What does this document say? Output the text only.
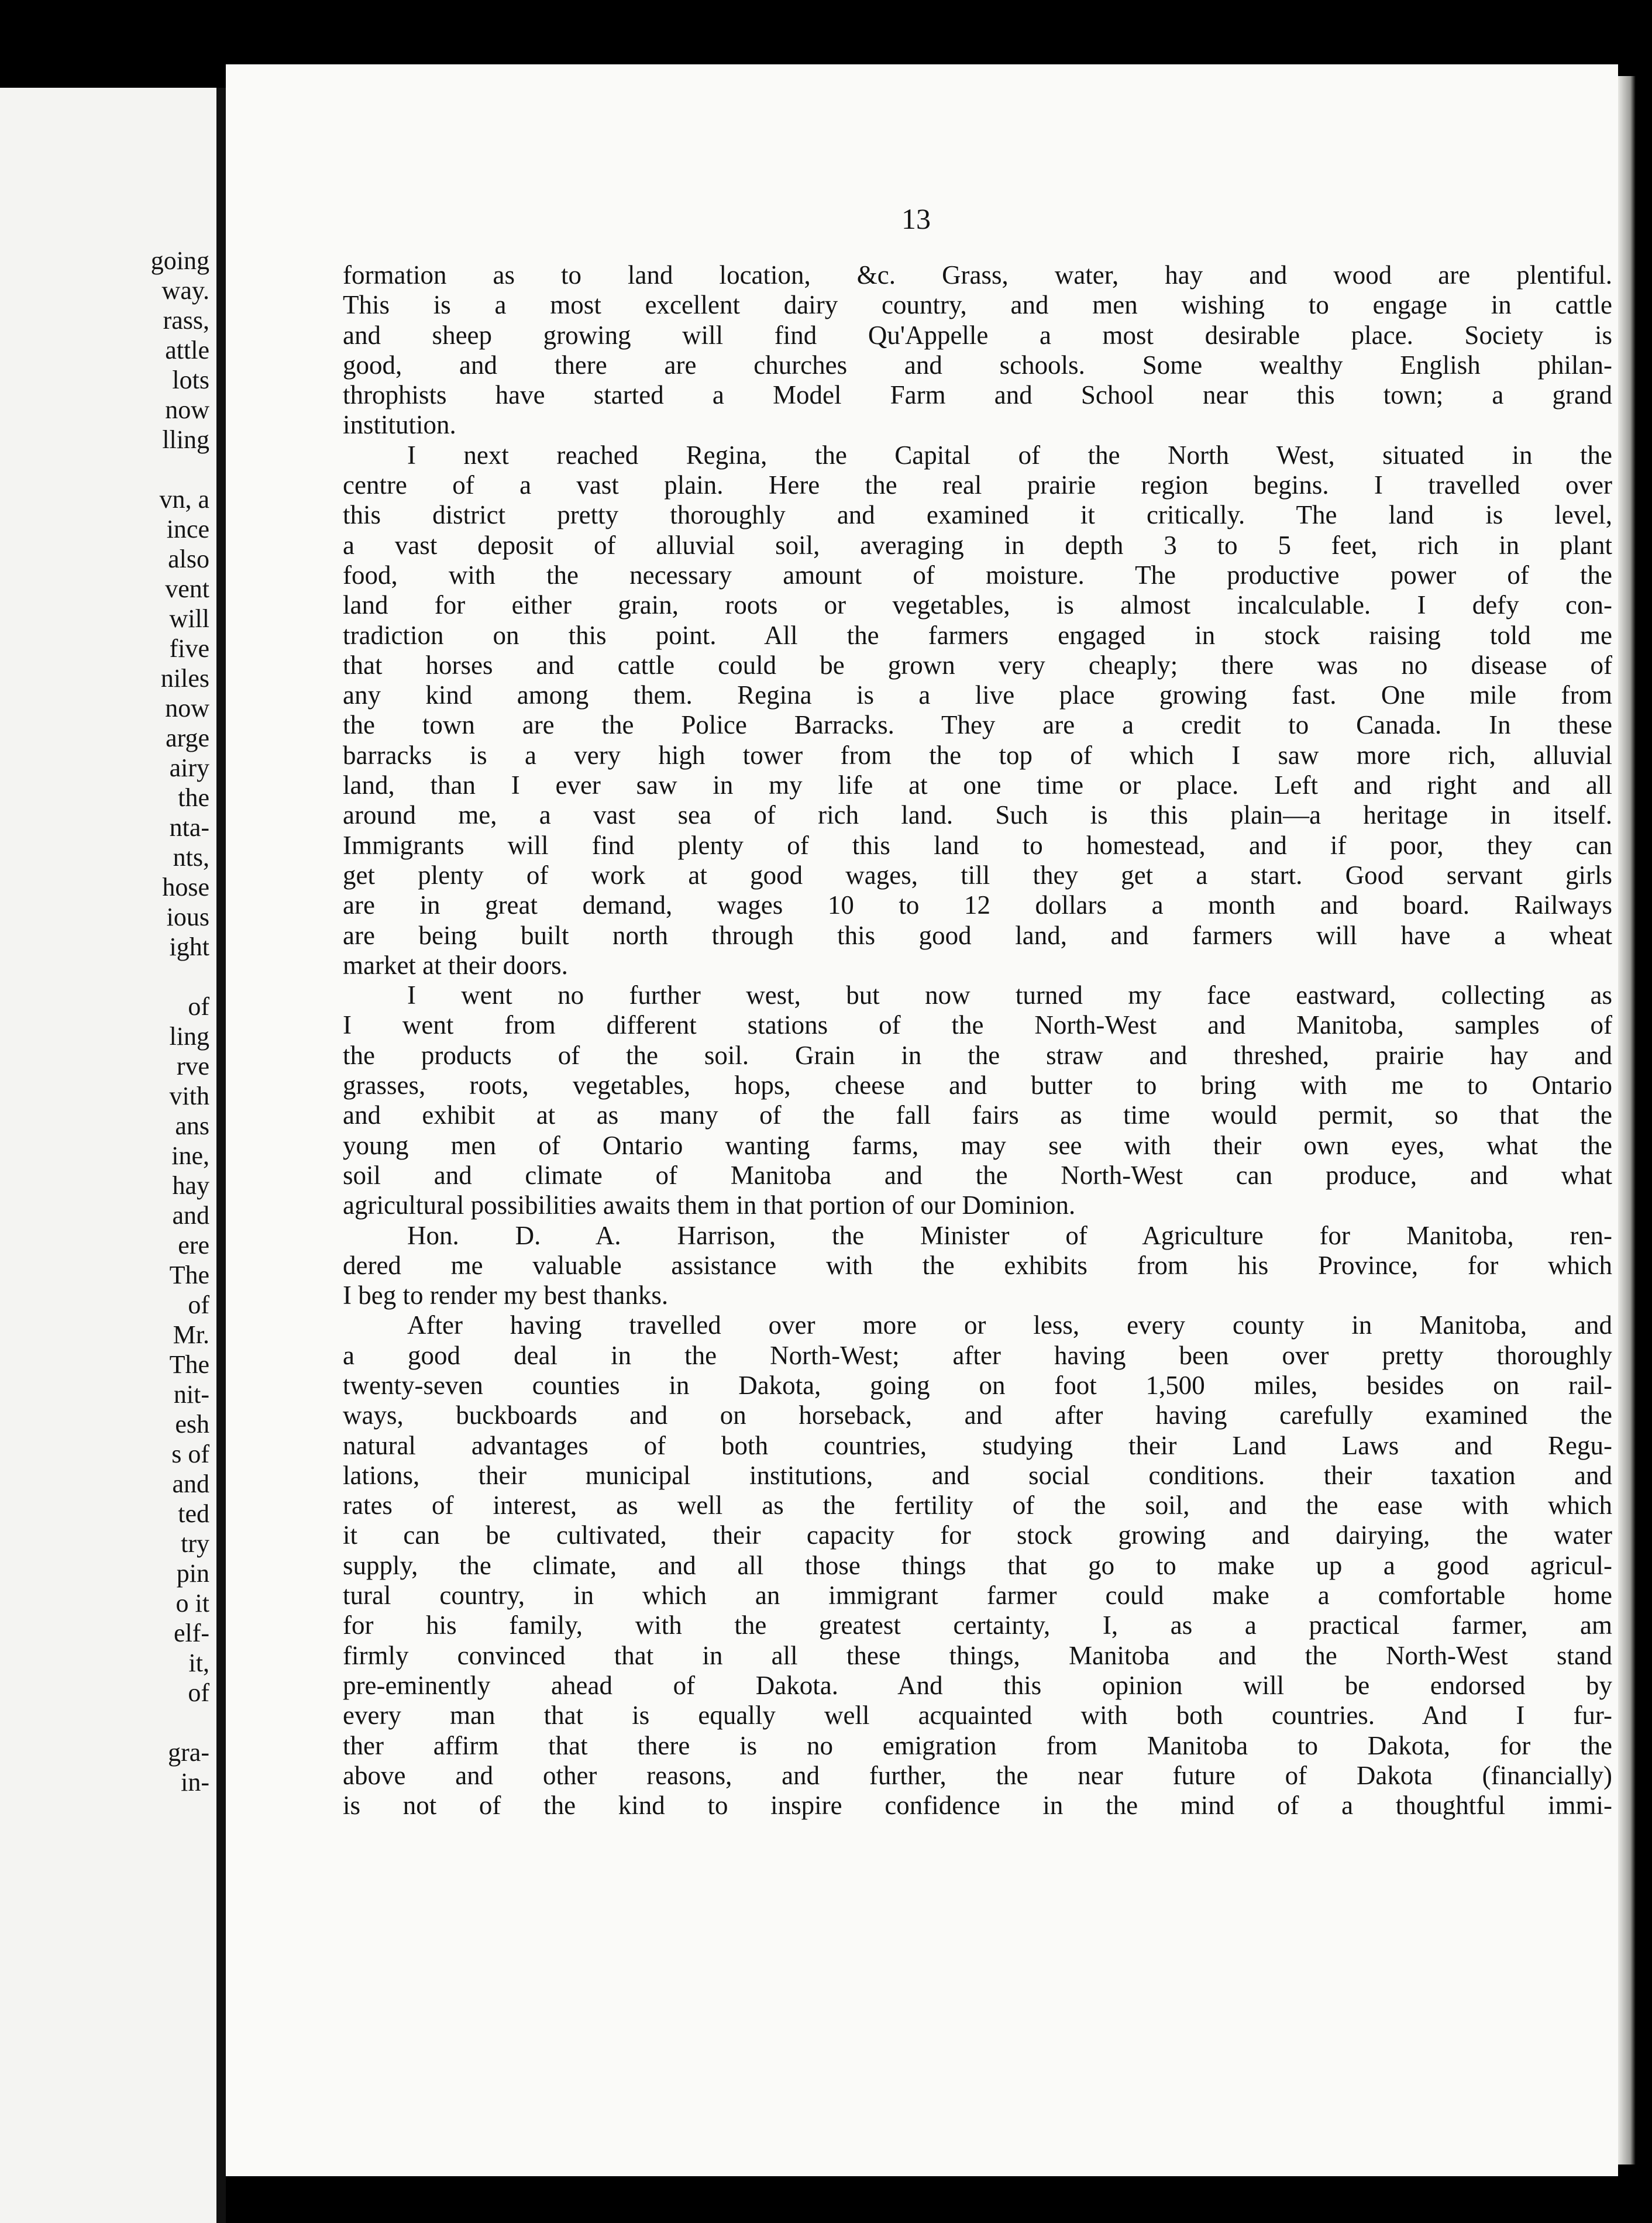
going
way.
rass,
attle
lots
now
lling
vn, a
ince
also
vent
will
five
niles
now
arge
airy
the
nta-
nts,
hose
ious
ight
of
ling
rve
vith
ans
ine,
hay
and
ere
The
of
Mr.
The
nit-
esh
s of
and
ted
try
pin
o it
elf-
it,
of
gra-
in-
13
formation as to land location, &c. Grass, water, hay and wood are plentiful.
This is a most excellent dairy country, and men wishing to engage in cattle
and sheep growing will find Qu'Appelle a most desirable place. Society is
good, and there are churches and schools. Some wealthy English philan-
throphists have started a Model Farm and School near this town; a grand
institution.
I next reached Regina, the Capital of the North West, situated in the
centre of a vast plain. Here the real prairie region begins. I travelled over
this district pretty thoroughly and examined it critically. The land is level,
a vast deposit of alluvial soil, averaging in depth 3 to 5 feet, rich in plant
food, with the necessary amount of moisture. The productive power of the
land for either grain, roots or vegetables, is almost incalculable. I defy con-
tradiction on this point. All the farmers engaged in stock raising told me
that horses and cattle could be grown very cheaply; there was no disease of
any kind among them. Regina is a live place growing fast. One mile from
the town are the Police Barracks. They are a credit to Canada. In these
barracks is a very high tower from the top of which I saw more rich, alluvial
land, than I ever saw in my life at one time or place. Left and right and all
around me, a vast sea of rich land. Such is this plain—a heritage in itself.
Immigrants will find plenty of this land to homestead, and if poor, they can
get plenty of work at good wages, till they get a start. Good servant girls
are in great demand, wages 10 to 12 dollars a month and board. Railways
are being built north through this good land, and farmers will have a wheat
market at their doors.
I went no further west, but now turned my face eastward, collecting as
I went from different stations of the North-West and Manitoba, samples of
the products of the soil. Grain in the straw and threshed, prairie hay and
grasses, roots, vegetables, hops, cheese and butter to bring with me to Ontario
and exhibit at as many of the fall fairs as time would permit, so that the
young men of Ontario wanting farms, may see with their own eyes, what the
soil and climate of Manitoba and the North-West can produce, and what
agricultural possibilities awaits them in that portion of our Dominion.
Hon. D. A. Harrison, the Minister of Agriculture for Manitoba, ren-
dered me valuable assistance with the exhibits from his Province, for which
I beg to render my best thanks.
After having travelled over more or less, every county in Manitoba, and
a good deal in the North-West; after having been over pretty thoroughly
twenty-seven counties in Dakota, going on foot 1,500 miles, besides on rail-
ways, buckboards and on horseback, and after having carefully examined the
natural advantages of both countries, studying their Land Laws and Regu-
lations, their municipal institutions, and social conditions. their taxation and
rates of interest, as well as the fertility of the soil, and the ease with which
it can be cultivated, their capacity for stock growing and dairying, the water
supply, the climate, and all those things that go to make up a good agricul-
tural country, in which an immigrant farmer could make a comfortable home
for his family, with the greatest certainty, I, as a practical farmer, am
firmly convinced that in all these things, Manitoba and the North-West stand
pre-eminently ahead of Dakota. And this opinion will be endorsed by
every man that is equally well acquainted with both countries. And I fur-
ther affirm that there is no emigration from Manitoba to Dakota, for the
above and other reasons, and further, the near future of Dakota (financially)
is not of the kind to inspire confidence in the mind of a thoughtful immi-
